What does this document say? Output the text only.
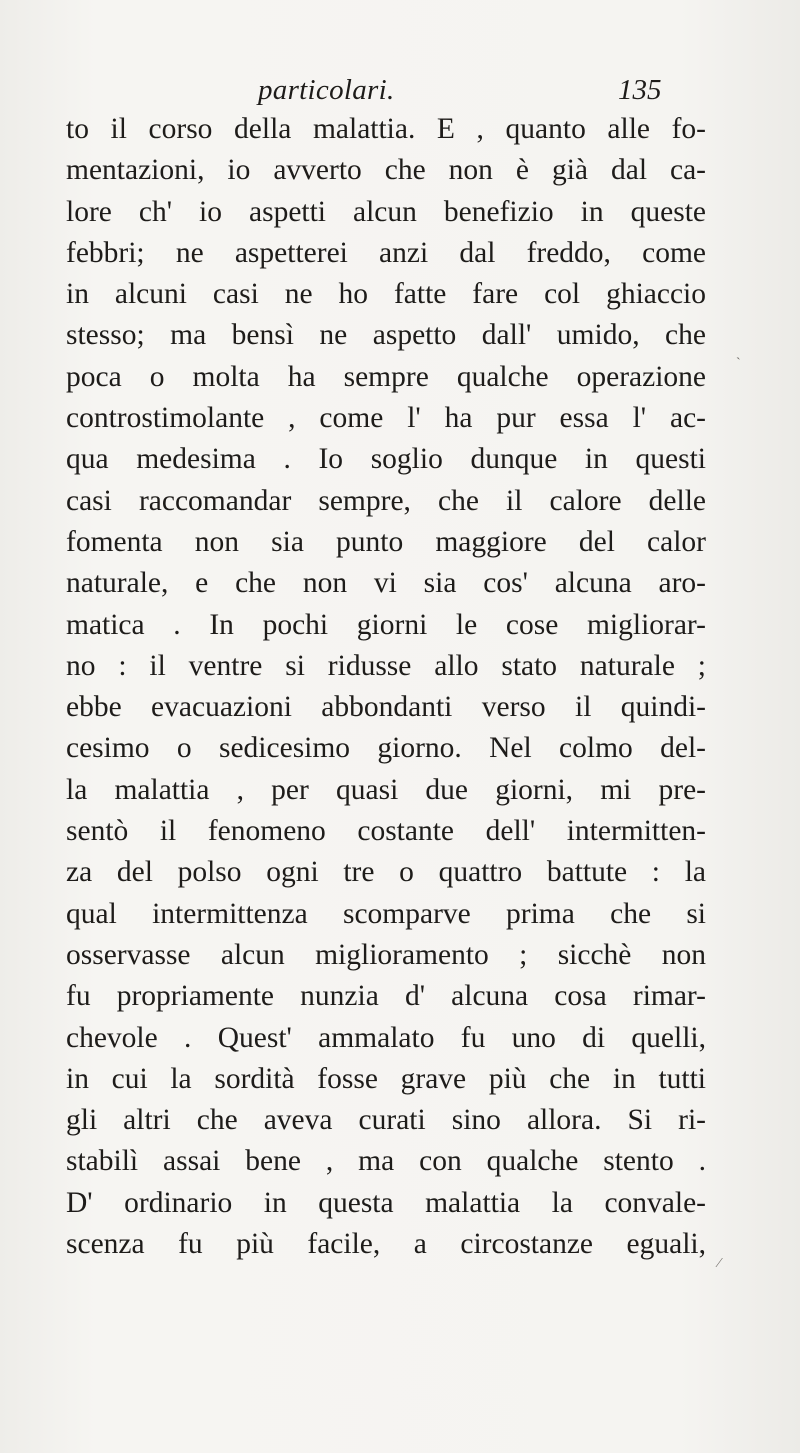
particolari.	135
to il corso della malattia. E , quanto alle fo-
mentazioni, io avverto che non è già dal ca-
lore ch' io aspetti alcun benefizio in queste
febbri; ne aspetterei anzi dal freddo, come
in alcuni casi ne ho fatte fare col ghiaccio
stesso; ma bensì ne aspetto dall' umido, che
poca o molta ha sempre qualche operazione
controstimolante , come l' ha pur essa l' ac-
qua medesima . Io soglio dunque in questi
casi raccomandar sempre, che il calore delle
fomenta non sia punto maggiore del calor
naturale, e che non vi sia cos' alcuna aro-
matica . In pochi giorni le cose migliorar-
no : il ventre si ridusse allo stato naturale ;
ebbe evacuazioni abbondanti verso il quindi-
cesimo o sedicesimo giorno. Nel colmo del-
la malattia , per quasi due giorni, mi pre-
sentò il fenomeno costante dell' intermitten-
za del polso ogni tre o quattro battute : la
qual intermittenza scomparve prima che si
osservasse alcun miglioramento ; sicchè non
fu propriamente nunzia d' alcuna cosa rimar-
chevole . Quest' ammalato fu uno di quelli,
in cui la sordità fosse grave più che in tutti
gli altri che aveva curati sino allora. Si ri-
stabilì assai bene , ma con qualche stento .
D' ordinario in questa malattia la convale-
scenza fu più facile, a circostanze eguali,
ˋ
⁄
